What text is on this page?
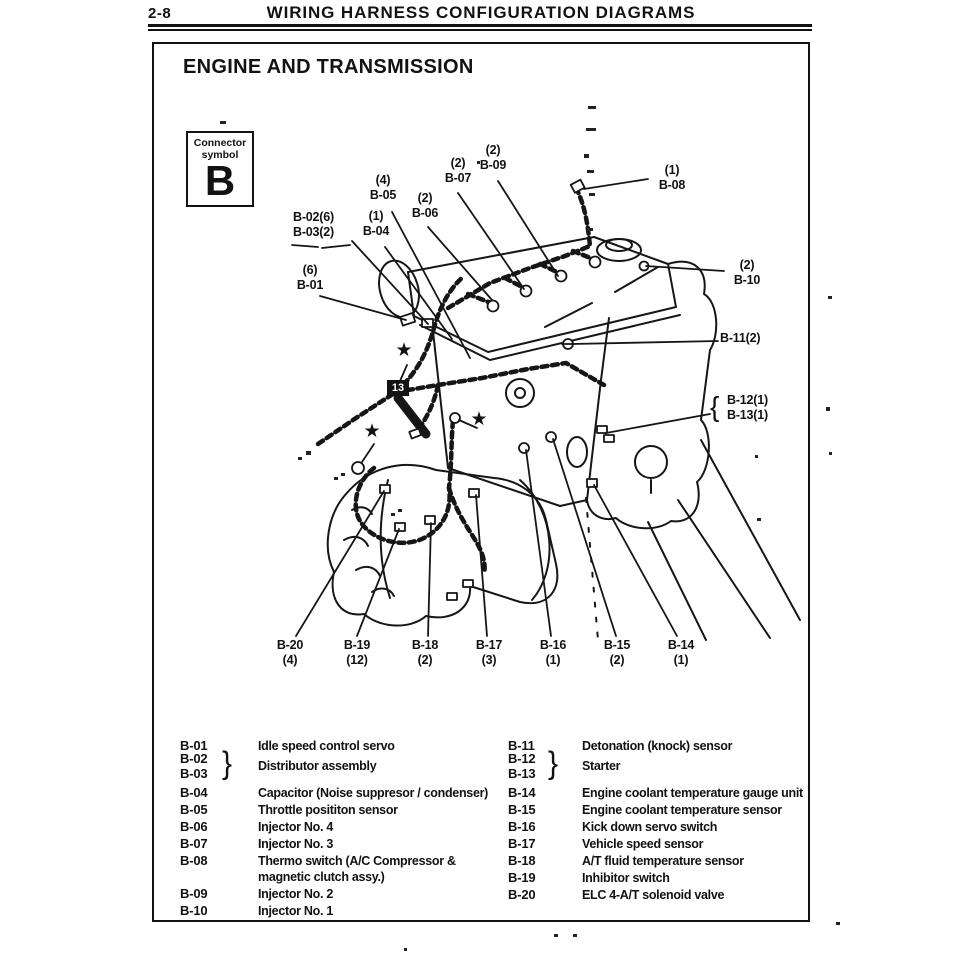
2-8	WIRING HARNESS CONFIGURATION DIAGRAMS
ENGINE AND TRANSMISSION
Connector
symbol
B
★
★
★
13
B-02(6)
B-03(2)
(6)
B-01
(1)
B-04
(4)
B-05	(2)
B-06
(2)
B-07
(2)
B-09	(1)
B-08
(2)
B-10
B-11(2)
{ B-12(1)
B-13(1)
B-14
(1)
B-15
(2)
B-16
(1)
B-17
(3)
B-18
(2)
B-19
(12)
B-20
(4)
B-01	Idle speed control servo
B-02
B-03 } Distributor assembly
B-04	Capacitor (Noise suppresor / condenser)
B-05	Throttle posititon sensor
B-06	Injector No. 4
B-07	Injector No. 3
B-08	Thermo switch (A/C Compressor & magnetic clutch assy.)
B-09	Injector No. 2
B-10	Injector No. 1
B-11	Detonation (knock) sensor
B-12
B-13 } Starter
B-14	Engine coolant temperature gauge unit
B-15	Engine coolant temperature sensor
B-16	Kick down servo switch
B-17	Vehicle speed sensor
B-18	A/T fluid temperature sensor
B-19	Inhibitor switch
B-20	ELC 4-A/T solenoid valve
